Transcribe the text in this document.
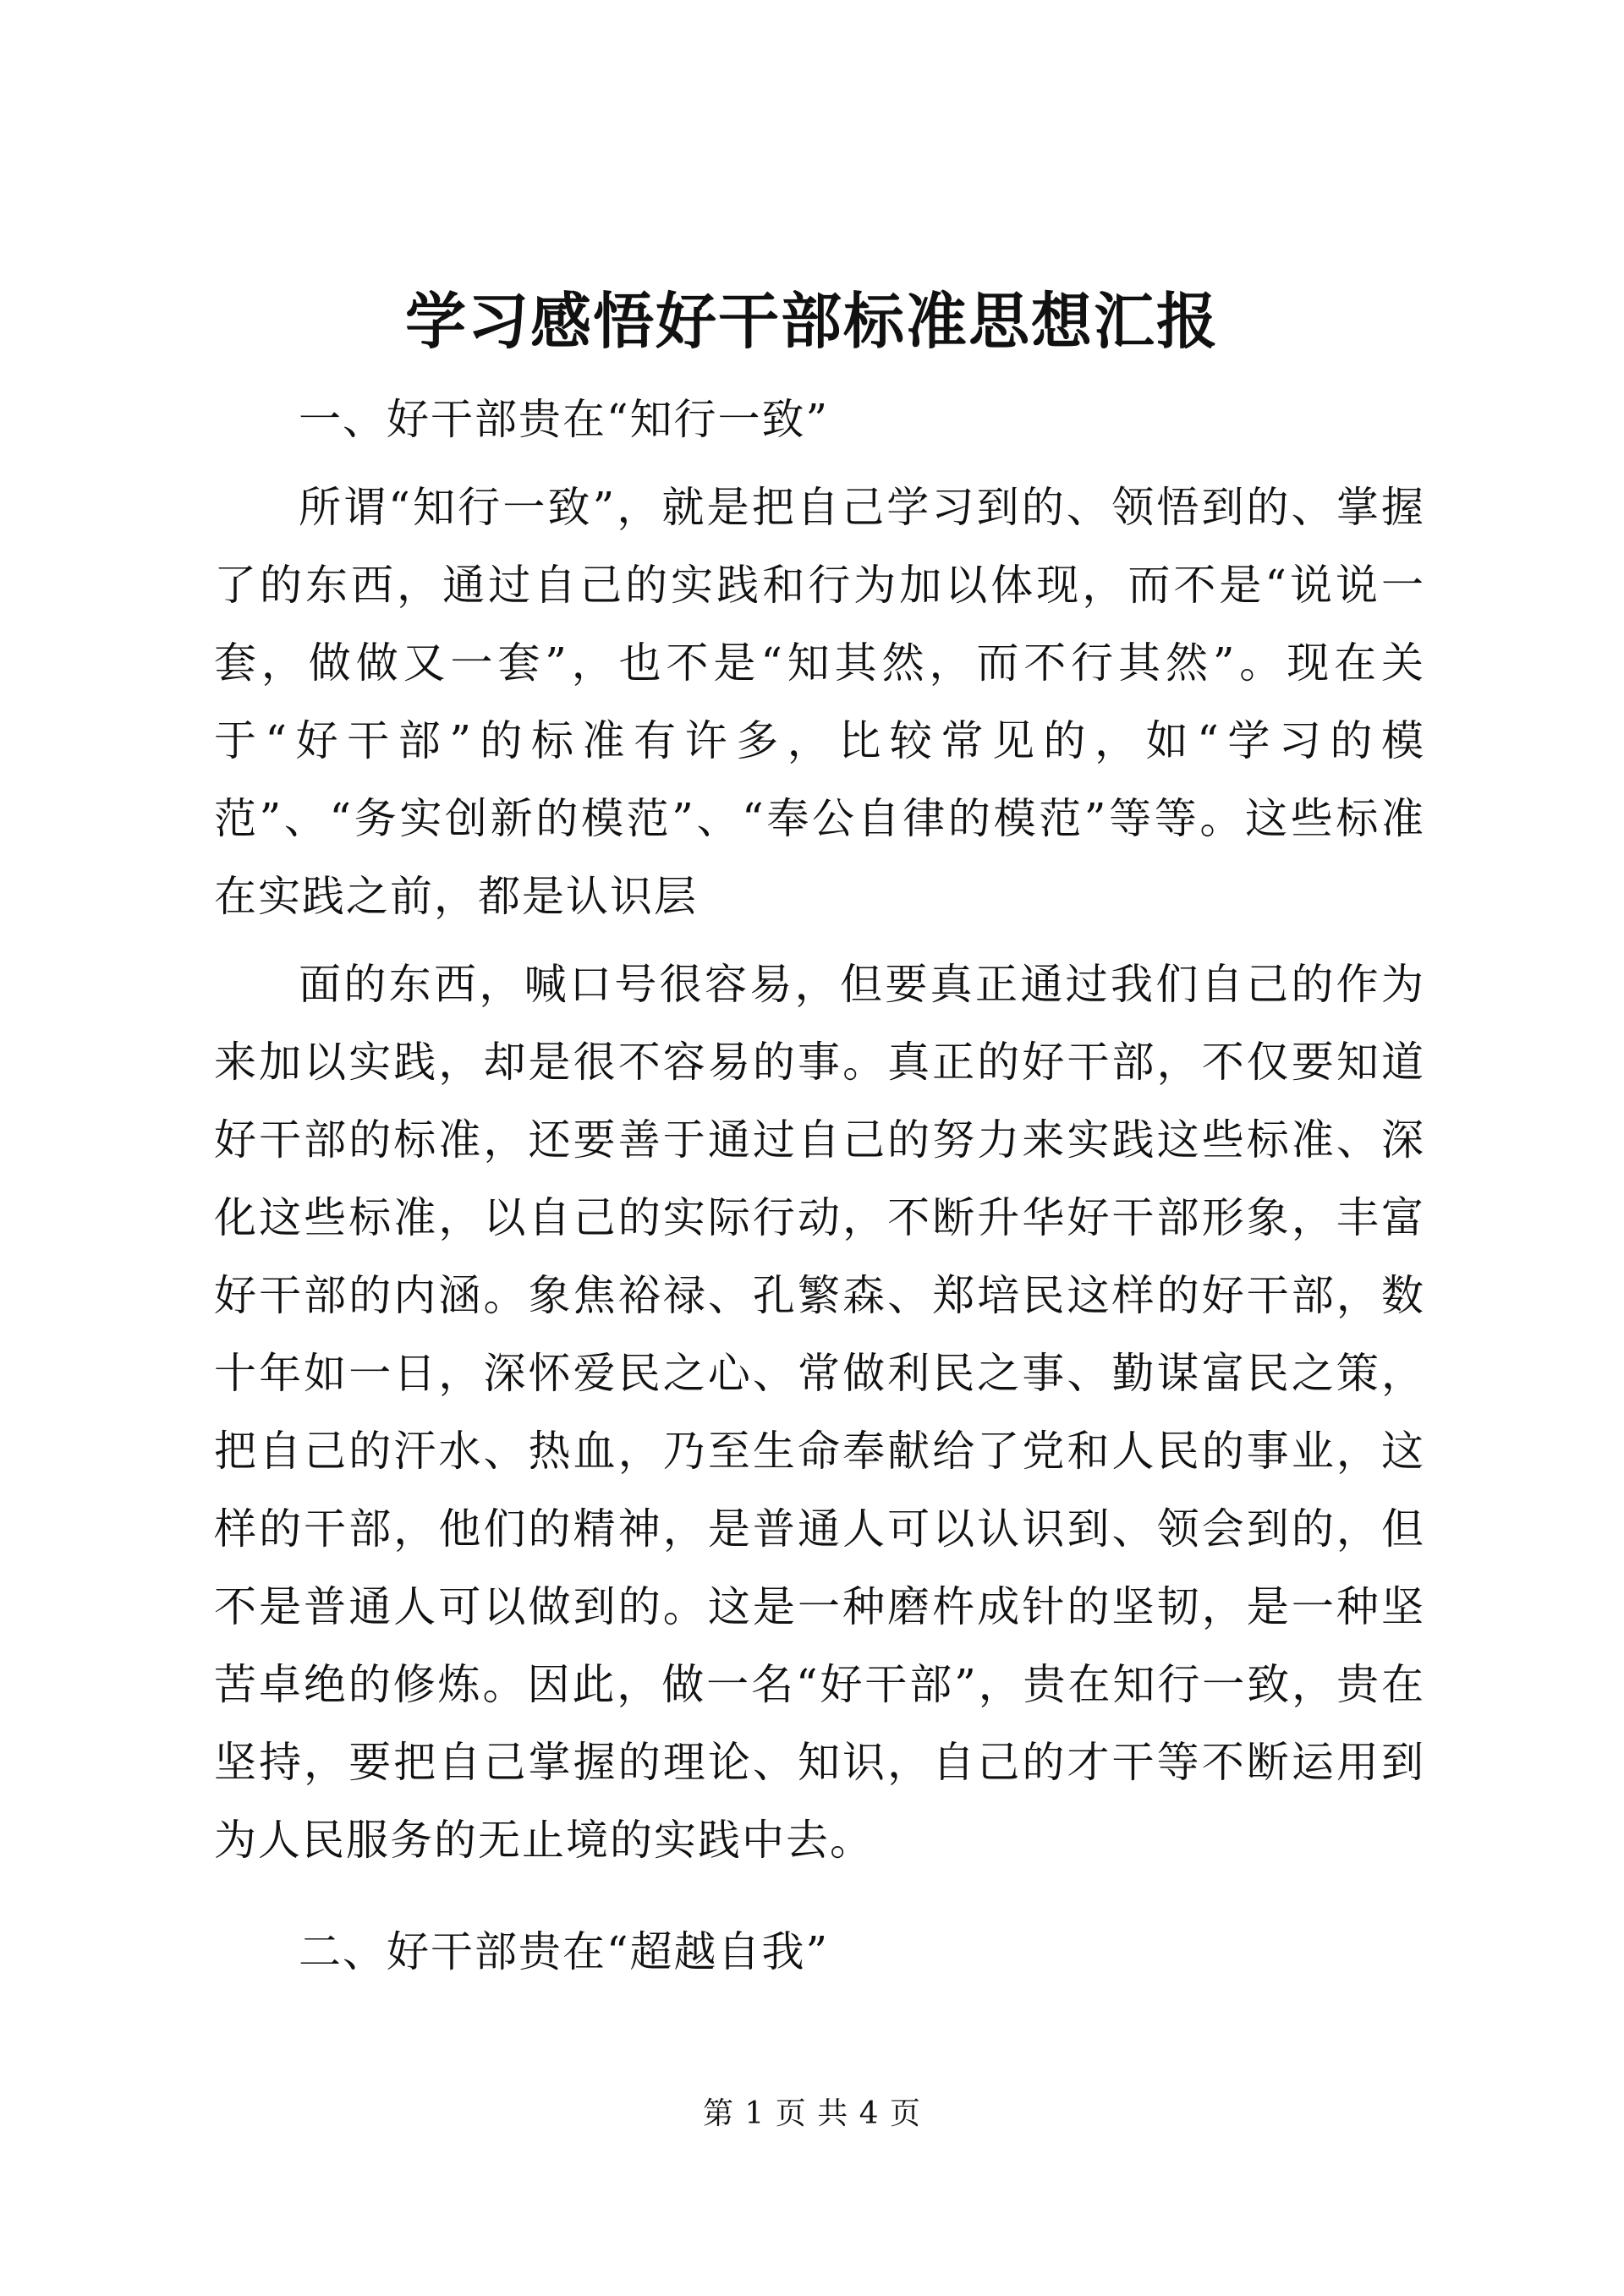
学习感悟好干部标准思想汇报

一、好干部贵在“知行一致”

所谓“知行一致”，就是把自己学习到的、领悟到的、掌握了的东西，通过自己的实践和行为加以体现，而不是“说说一套，做做又一套”，也不是“知其然，而不行其然”。现在关于“好干部”的标准有许多，比较常见的，如“学习的模范”、“务实创新的模范”、“奉公自律的模范”等等。这些标准在实践之前，都是认识层

面的东西，喊口号很容易，但要真正通过我们自己的作为来加以实践，却是很不容易的事。真正的好干部，不仅要知道好干部的标准，还要善于通过自己的努力来实践这些标准、深化这些标准，以自己的实际行动，不断升华好干部形象，丰富好干部的内涵。象焦裕禄、孔繁森、郑培民这样的好干部，数十年如一日，深怀爱民之心、常做利民之事、勤谋富民之策，把自己的汗水、热血，乃至生命奉献给了党和人民的事业，这样的干部，他们的精神，是普通人可以认识到、领会到的，但不是普通人可以做到的。这是一种磨杵成针的坚韧，是一种坚苦卓绝的修炼。因此，做一名“好干部”，贵在知行一致，贵在坚持，要把自己掌握的理论、知识，自己的才干等不断运用到为人民服务的无止境的实践中去。

二、好干部贵在“超越自我”

第 1 页 共 4 页
